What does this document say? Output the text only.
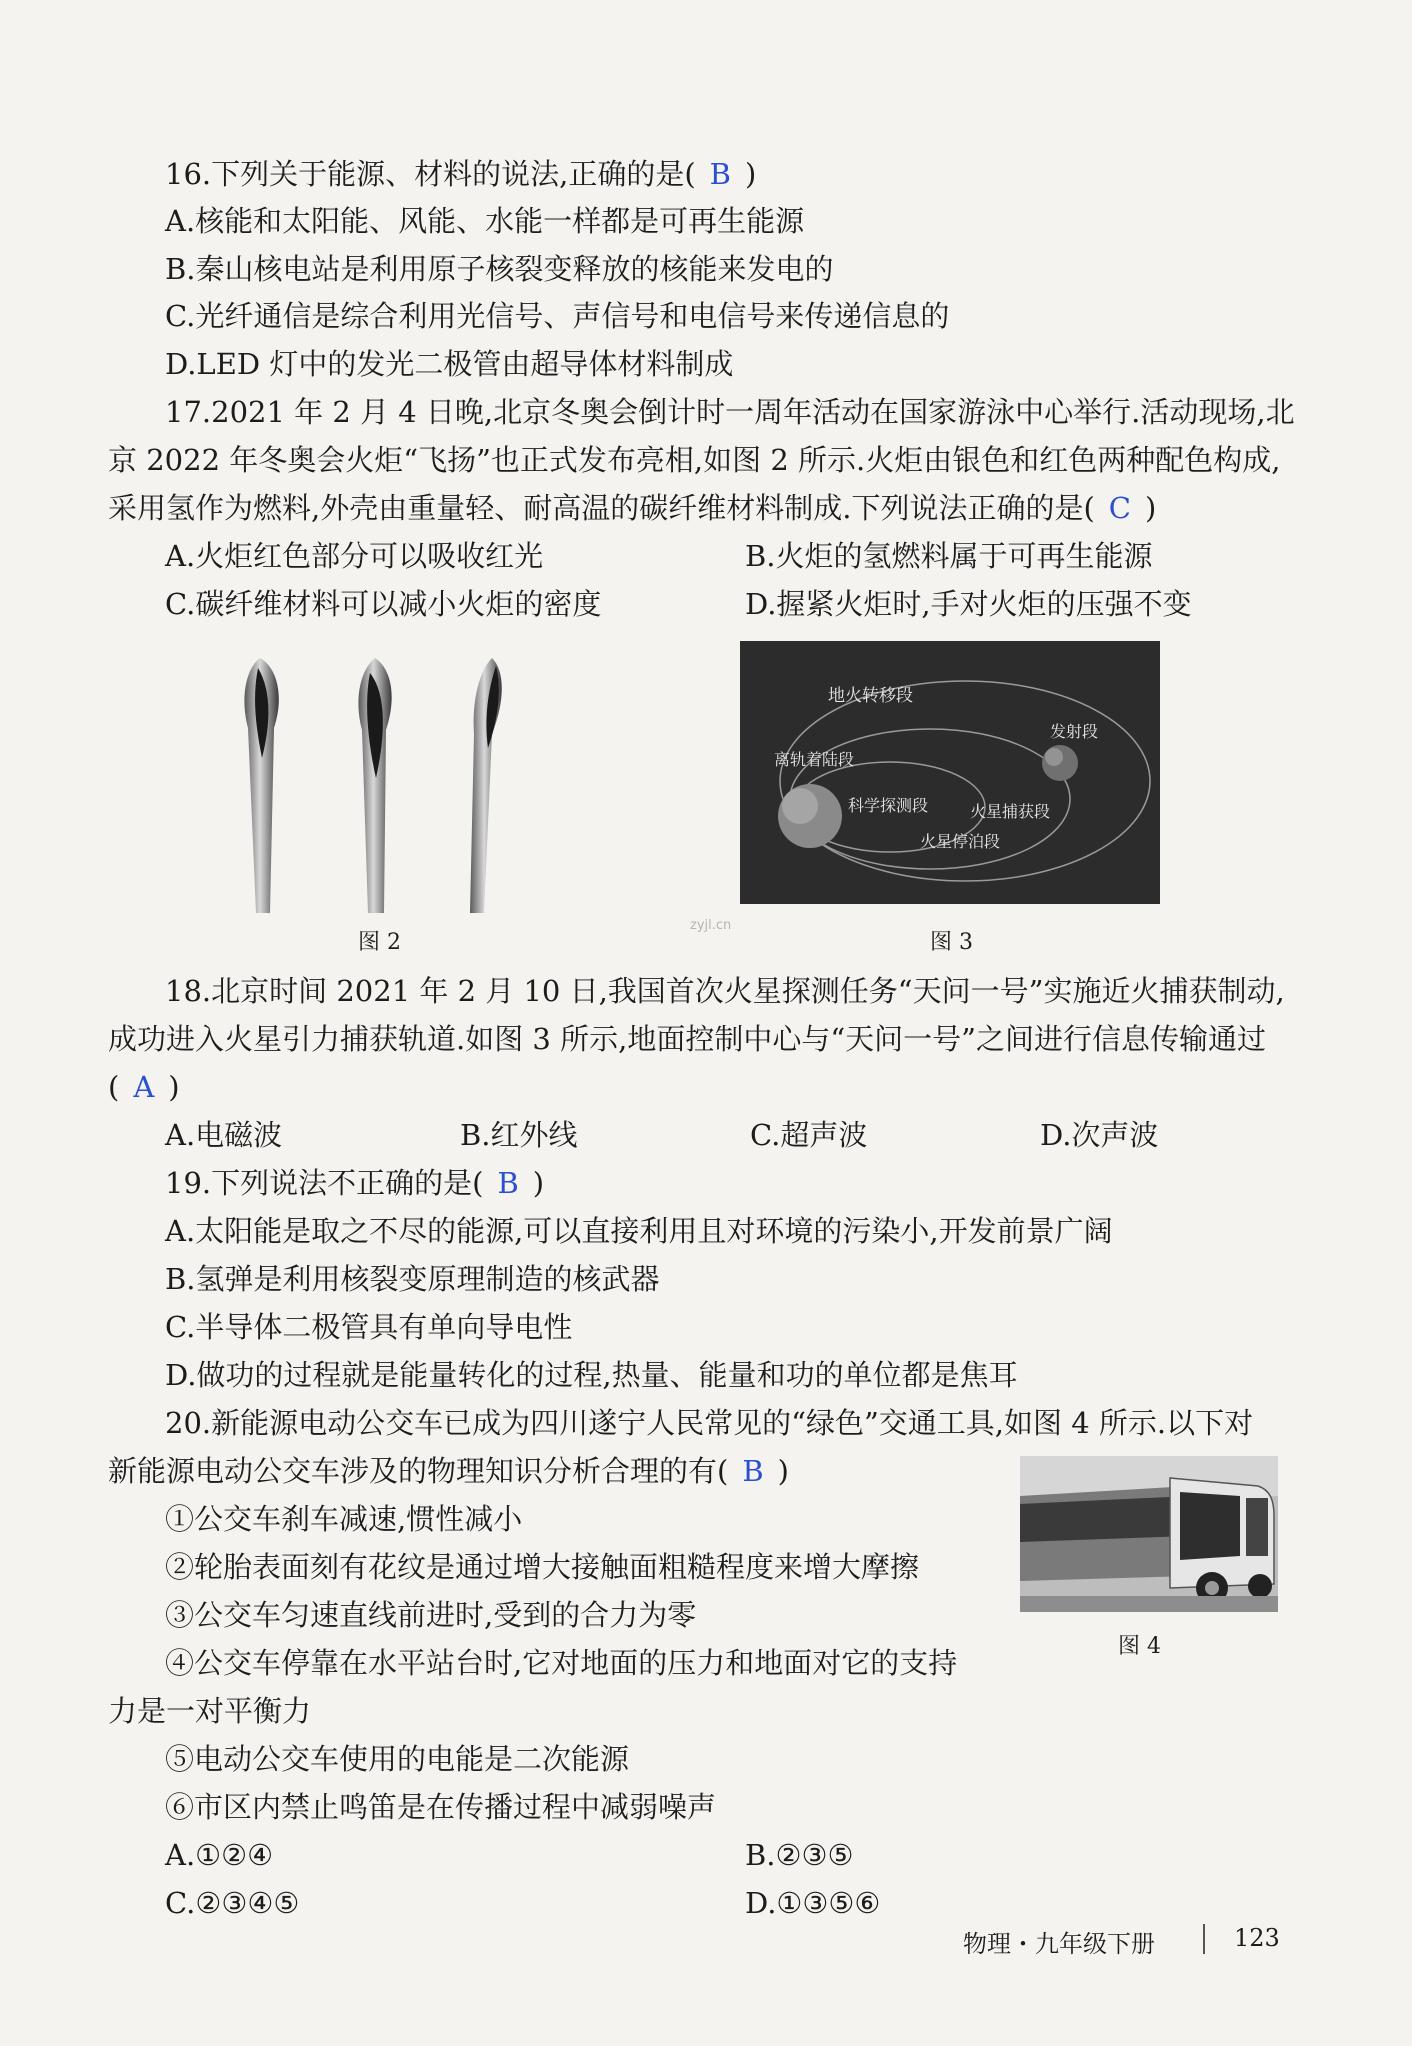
16.下列关于能源、材料的说法,正确的是( B )
A.核能和太阳能、风能、水能一样都是可再生能源
B.秦山核电站是利用原子核裂变释放的核能来发电的
C.光纤通信是综合利用光信号、声信号和电信号来传递信息的
D.LED 灯中的发光二极管由超导体材料制成
17.2021 年 2 月 4 日晚,北京冬奥会倒计时一周年活动在国家游泳中心举行.活动现场,北
京 2022 年冬奥会火炬“飞扬”也正式发布亮相,如图 2 所示.火炬由银色和红色两种配色构成,
采用氢作为燃料,外壳由重量轻、耐高温的碳纤维材料制成.下列说法正确的是( C )
A.火炬红色部分可以吸收红光	B.火炬的氢燃料属于可再生能源
C.碳纤维材料可以减小火炬的密度	D.握紧火炬时,手对火炬的压强不变
图 2
地火转移段
发射段
离轨着陆段
科学探测段	火星捕获段
火星停泊段
图 3
zyjl.cn
18.北京时间 2021 年 2 月 10 日,我国首次火星探测任务“天问一号”实施近火捕获制动,
成功进入火星引力捕获轨道.如图 3 所示,地面控制中心与“天问一号”之间进行信息传输通过
( A )
A.电磁波	B.红外线	C.超声波	D.次声波
19.下列说法不正确的是( B )
A.太阳能是取之不尽的能源,可以直接利用且对环境的污染小,开发前景广阔
B.氢弹是利用核裂变原理制造的核武器
C.半导体二极管具有单向导电性
D.做功的过程就是能量转化的过程,热量、能量和功的单位都是焦耳
20.新能源电动公交车已成为四川遂宁人民常见的“绿色”交通工具,如图 4 所示.以下对
新能源电动公交车涉及的物理知识分析合理的有( B )
①公交车刹车减速,惯性减小
②轮胎表面刻有花纹是通过增大接触面粗糙程度来增大摩擦
③公交车匀速直线前进时,受到的合力为零
④公交车停靠在水平站台时,它对地面的压力和地面对它的支持
力是一对平衡力
⑤电动公交车使用的电能是二次能源
⑥市区内禁止鸣笛是在传播过程中减弱噪声
A.①②④	B.②③⑤
C.②③④⑤	D.①③⑤⑥
图 4
物理・九年级下册	123
